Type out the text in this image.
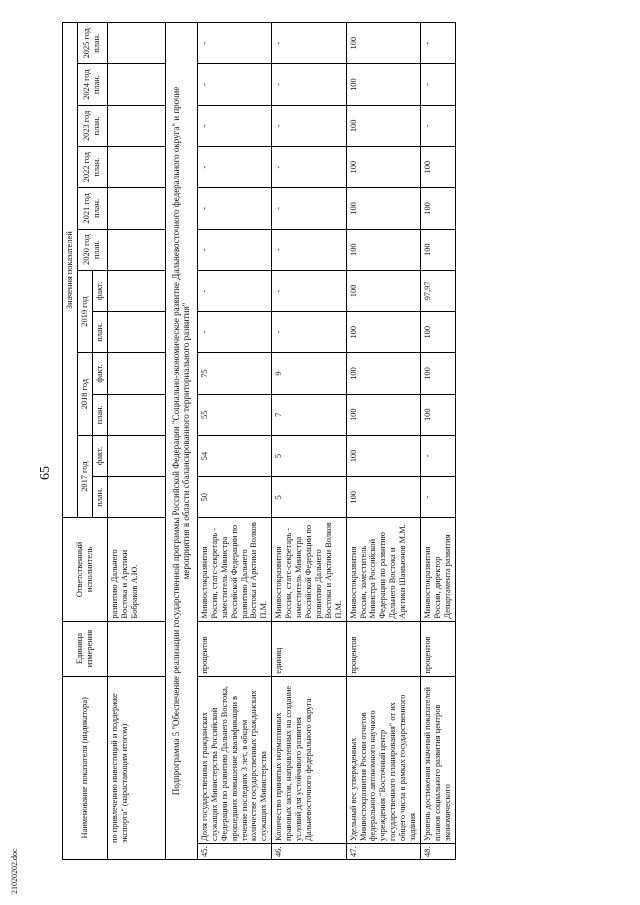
65
21020202.doc
Наименование показателя (индикатора)		Единица измерения	Ответственный исполнитель	Значения показателей											
				2017 год		2018 год		2019 год		2020 год план.	2021 год план.	2022 год план.	2023 год план.	2024 год план.	2025 год план.
				план.	факт.	план.	факт.	план.	факт.						
по привлечению инвестиций и поддержке экспорта" (нарастающим итогом)			развитию Дальнего Востока и Арктики Бобраков А.Ю.												
Подпрограмма 5 "Обеспечение реализации государственной программы Российской Федерации "Социально-экономическое развитие Дальневосточного федерального округа" и прочие мероприятия в области сбалансированного территориального развития"															
45.	Доля государственных гражданских служащих Министерства Российской Федерации по развитию Дальнего Востока, прошедших повышение квалификации в течение последних 3 лет, в общем количестве государственных гражданских служащих Министерства	процентов	Минвостокразвития России, статс-секретарь - заместитель Министра Российской Федерации по развитию Дальнего Востока и Арктики Волков П.М.	50	54	55	75	-	-	-	-	-	-	-	-
46.	Количество принятых нормативных правовых актов, направленных на создание условий для устойчивого развития Дальневосточного федерального округа	единиц	Минвостокразвития России, статс-секретарь - заместитель Министра Российской Федерации по развитию Дальнего Востока и Арктики Волков П.М.	5	5	7	9	-	-	-	-	-	-	-	-
47.	Удельный вес утвержденных Минвостокразвития России отчетов федерального автономного научного учреждения "Восточный центр государственного планирования" от их общего числа в рамках государственного задания	процентов	Минвостокразвития России, заместитель Министра Российской Федерации по развитию Дальнего Востока и Арктики Шамьюнов М.М.	100	100	100	100	100	100	100	100	100	100	100	100
48.	Уровень достижения значений показателей планов социального развития центров экономического	процентов	Минвостокразвития России, директор Департамента развития	-	-	100	100	100	97,97	100	100	100	-	-	-
